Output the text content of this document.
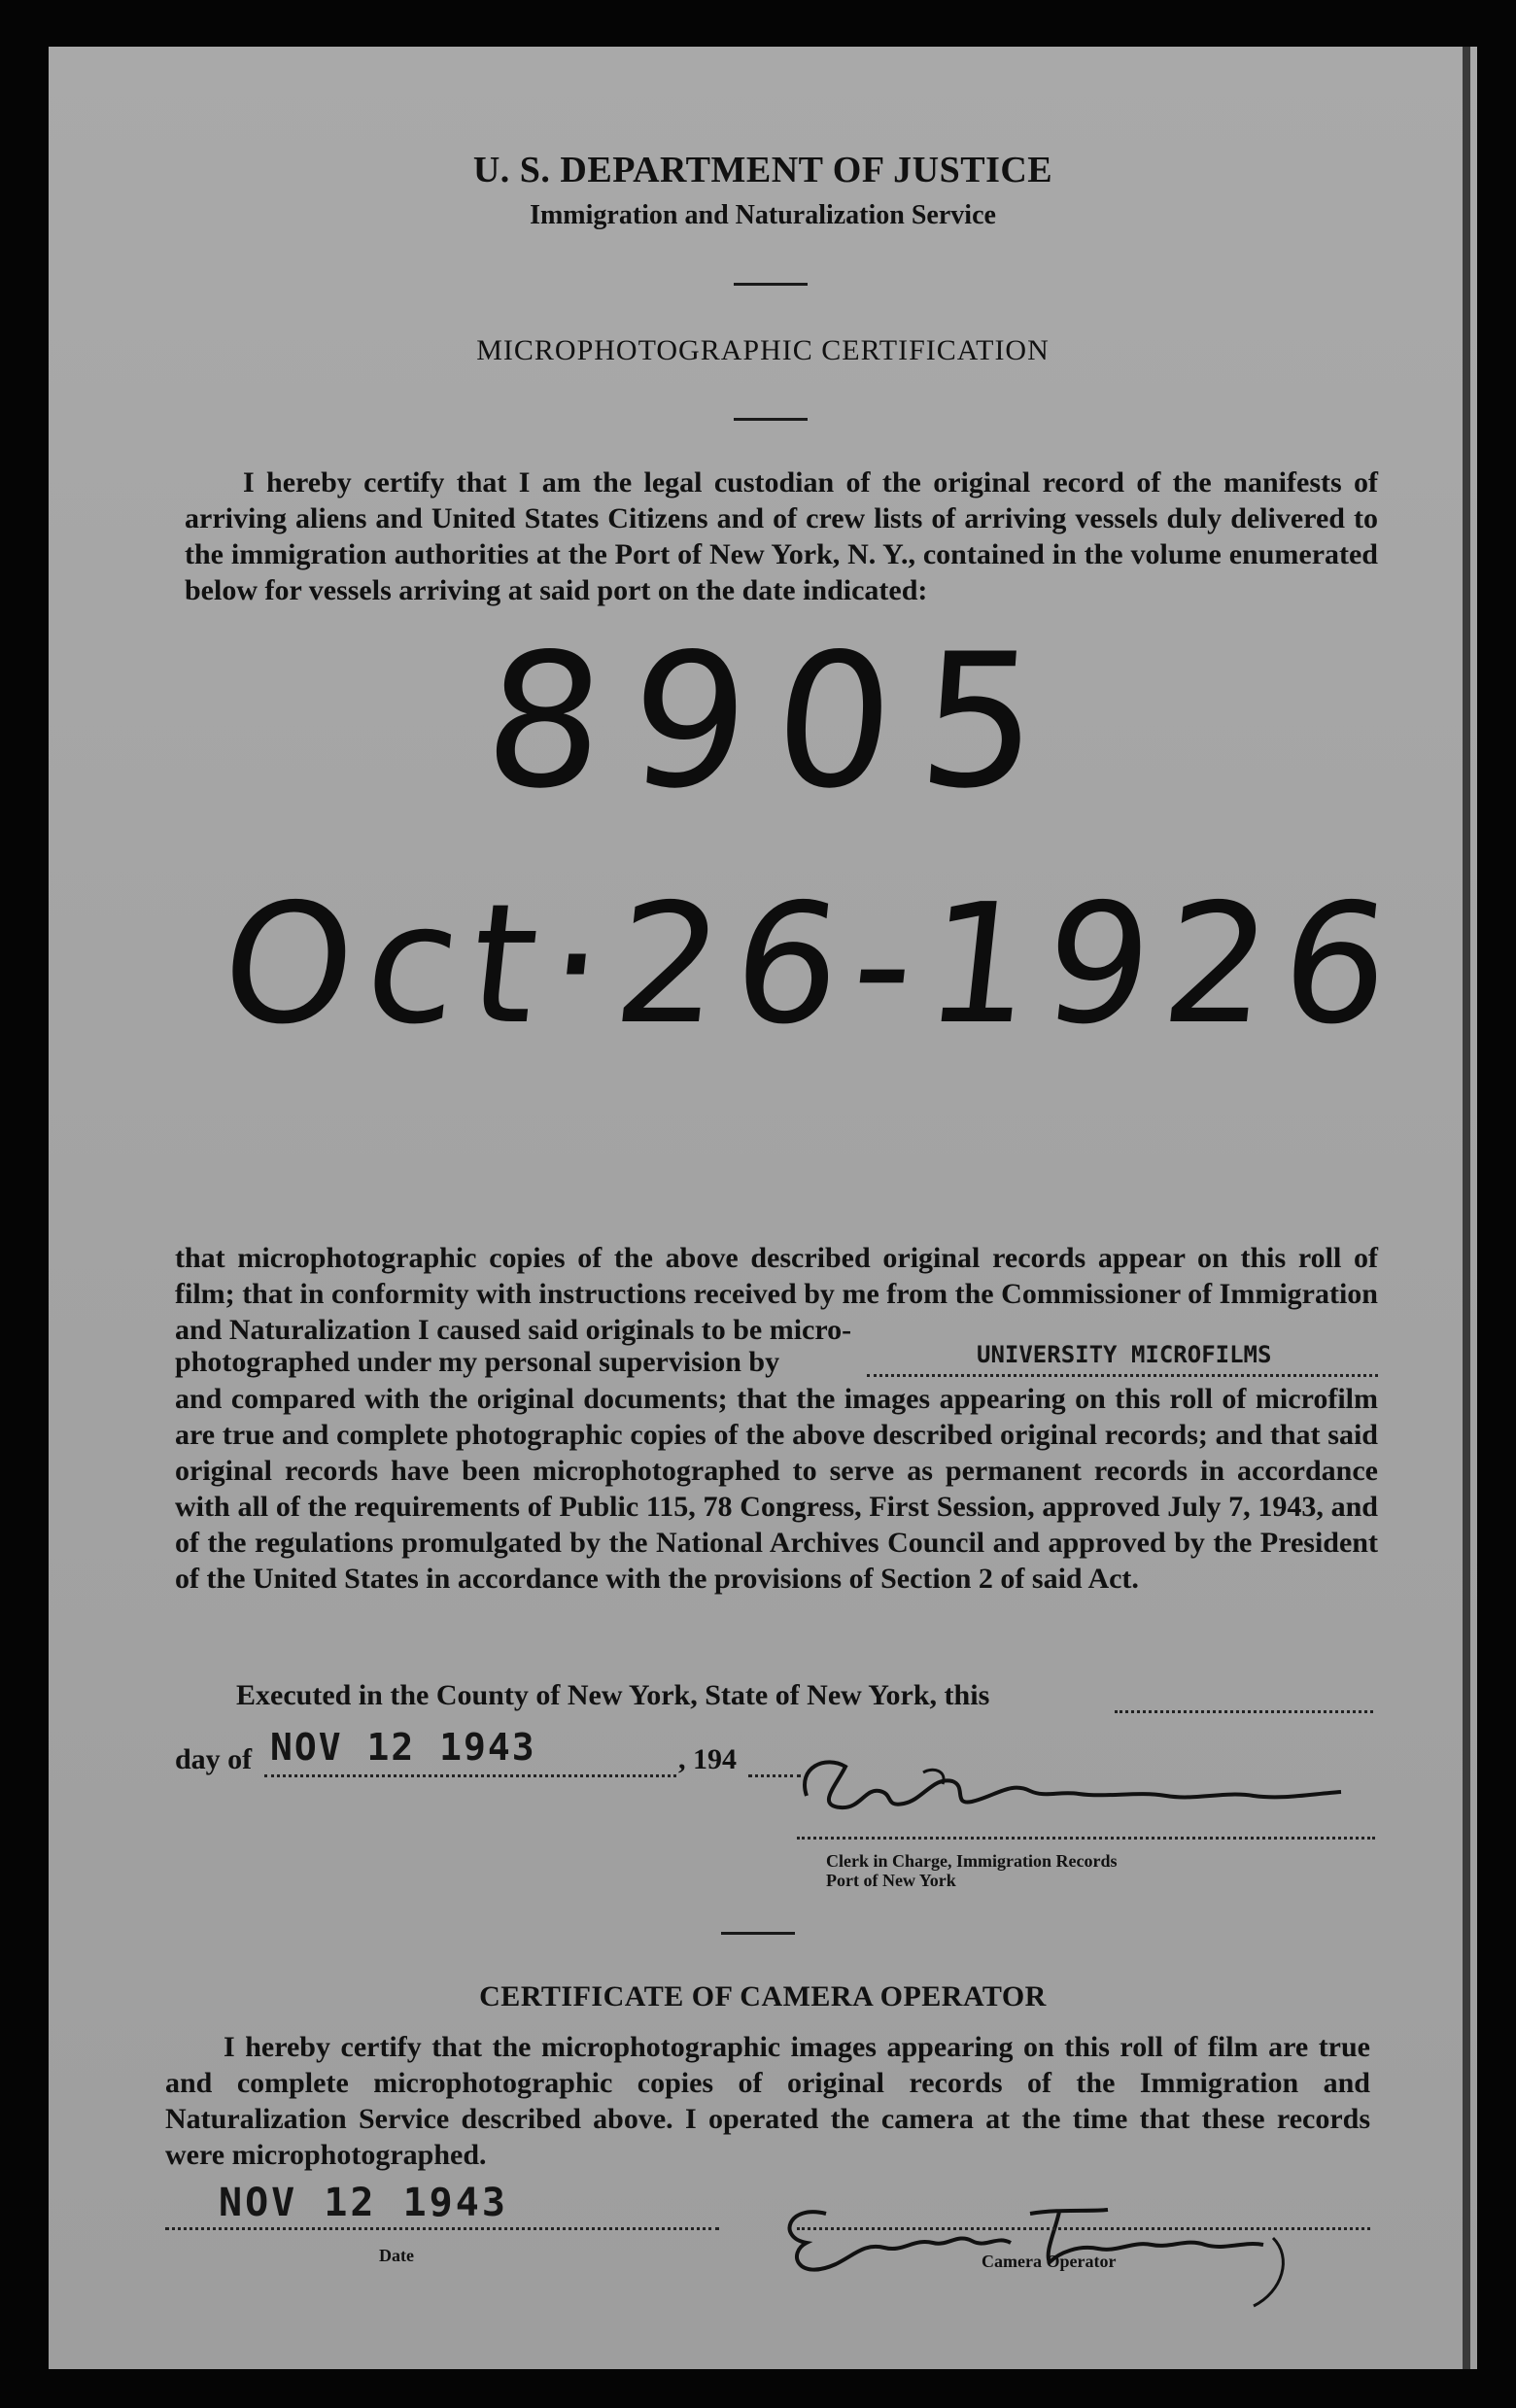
U. S. DEPARTMENT OF JUSTICE
Immigration and Naturalization Service
MICROPHOTOGRAPHIC CERTIFICATION
I hereby certify that I am the legal custodian of the original record of the manifests of arriving aliens and United States Citizens and of crew lists of arriving vessels duly delivered to the immigration authorities at the Port of New York, N. Y., contained in the volume enumerated below for vessels arriving at said port on the date indicated:
8905
Oct·26-1926
that microphotographic copies of the above described original records appear on this roll of film; that in conformity with instructions received by me from the Commissioner of Immigration and Naturalization I caused said originals to be micro-
photographed under my personal supervision by	UNIVERSITY MICROFILMS
and compared with the original documents; that the images appearing on this roll of microfilm are true and complete photographic copies of the above described original records; and that said original records have been microphotographed to serve as permanent records in accordance with all of the requirements of Public 115, 78 Congress, First Session, approved July 7, 1943, and of the regulations promulgated by the National Archives Council and approved by the President of the United States in accordance with the provisions of Section 2 of said Act.
Executed in the County of New York, State of New York, this
day of NOV 12 1943	, 194
Clerk in Charge, Immigration Records
Port of New York
CERTIFICATE OF CAMERA OPERATOR
I hereby certify that the microphotographic images appearing on this roll of film are true and complete microphotographic copies of original records of the Immigration and Naturalization Service described above. I operated the camera at the time that these records were microphotographed.
NOV 12 1943
Date	Camera Operator
